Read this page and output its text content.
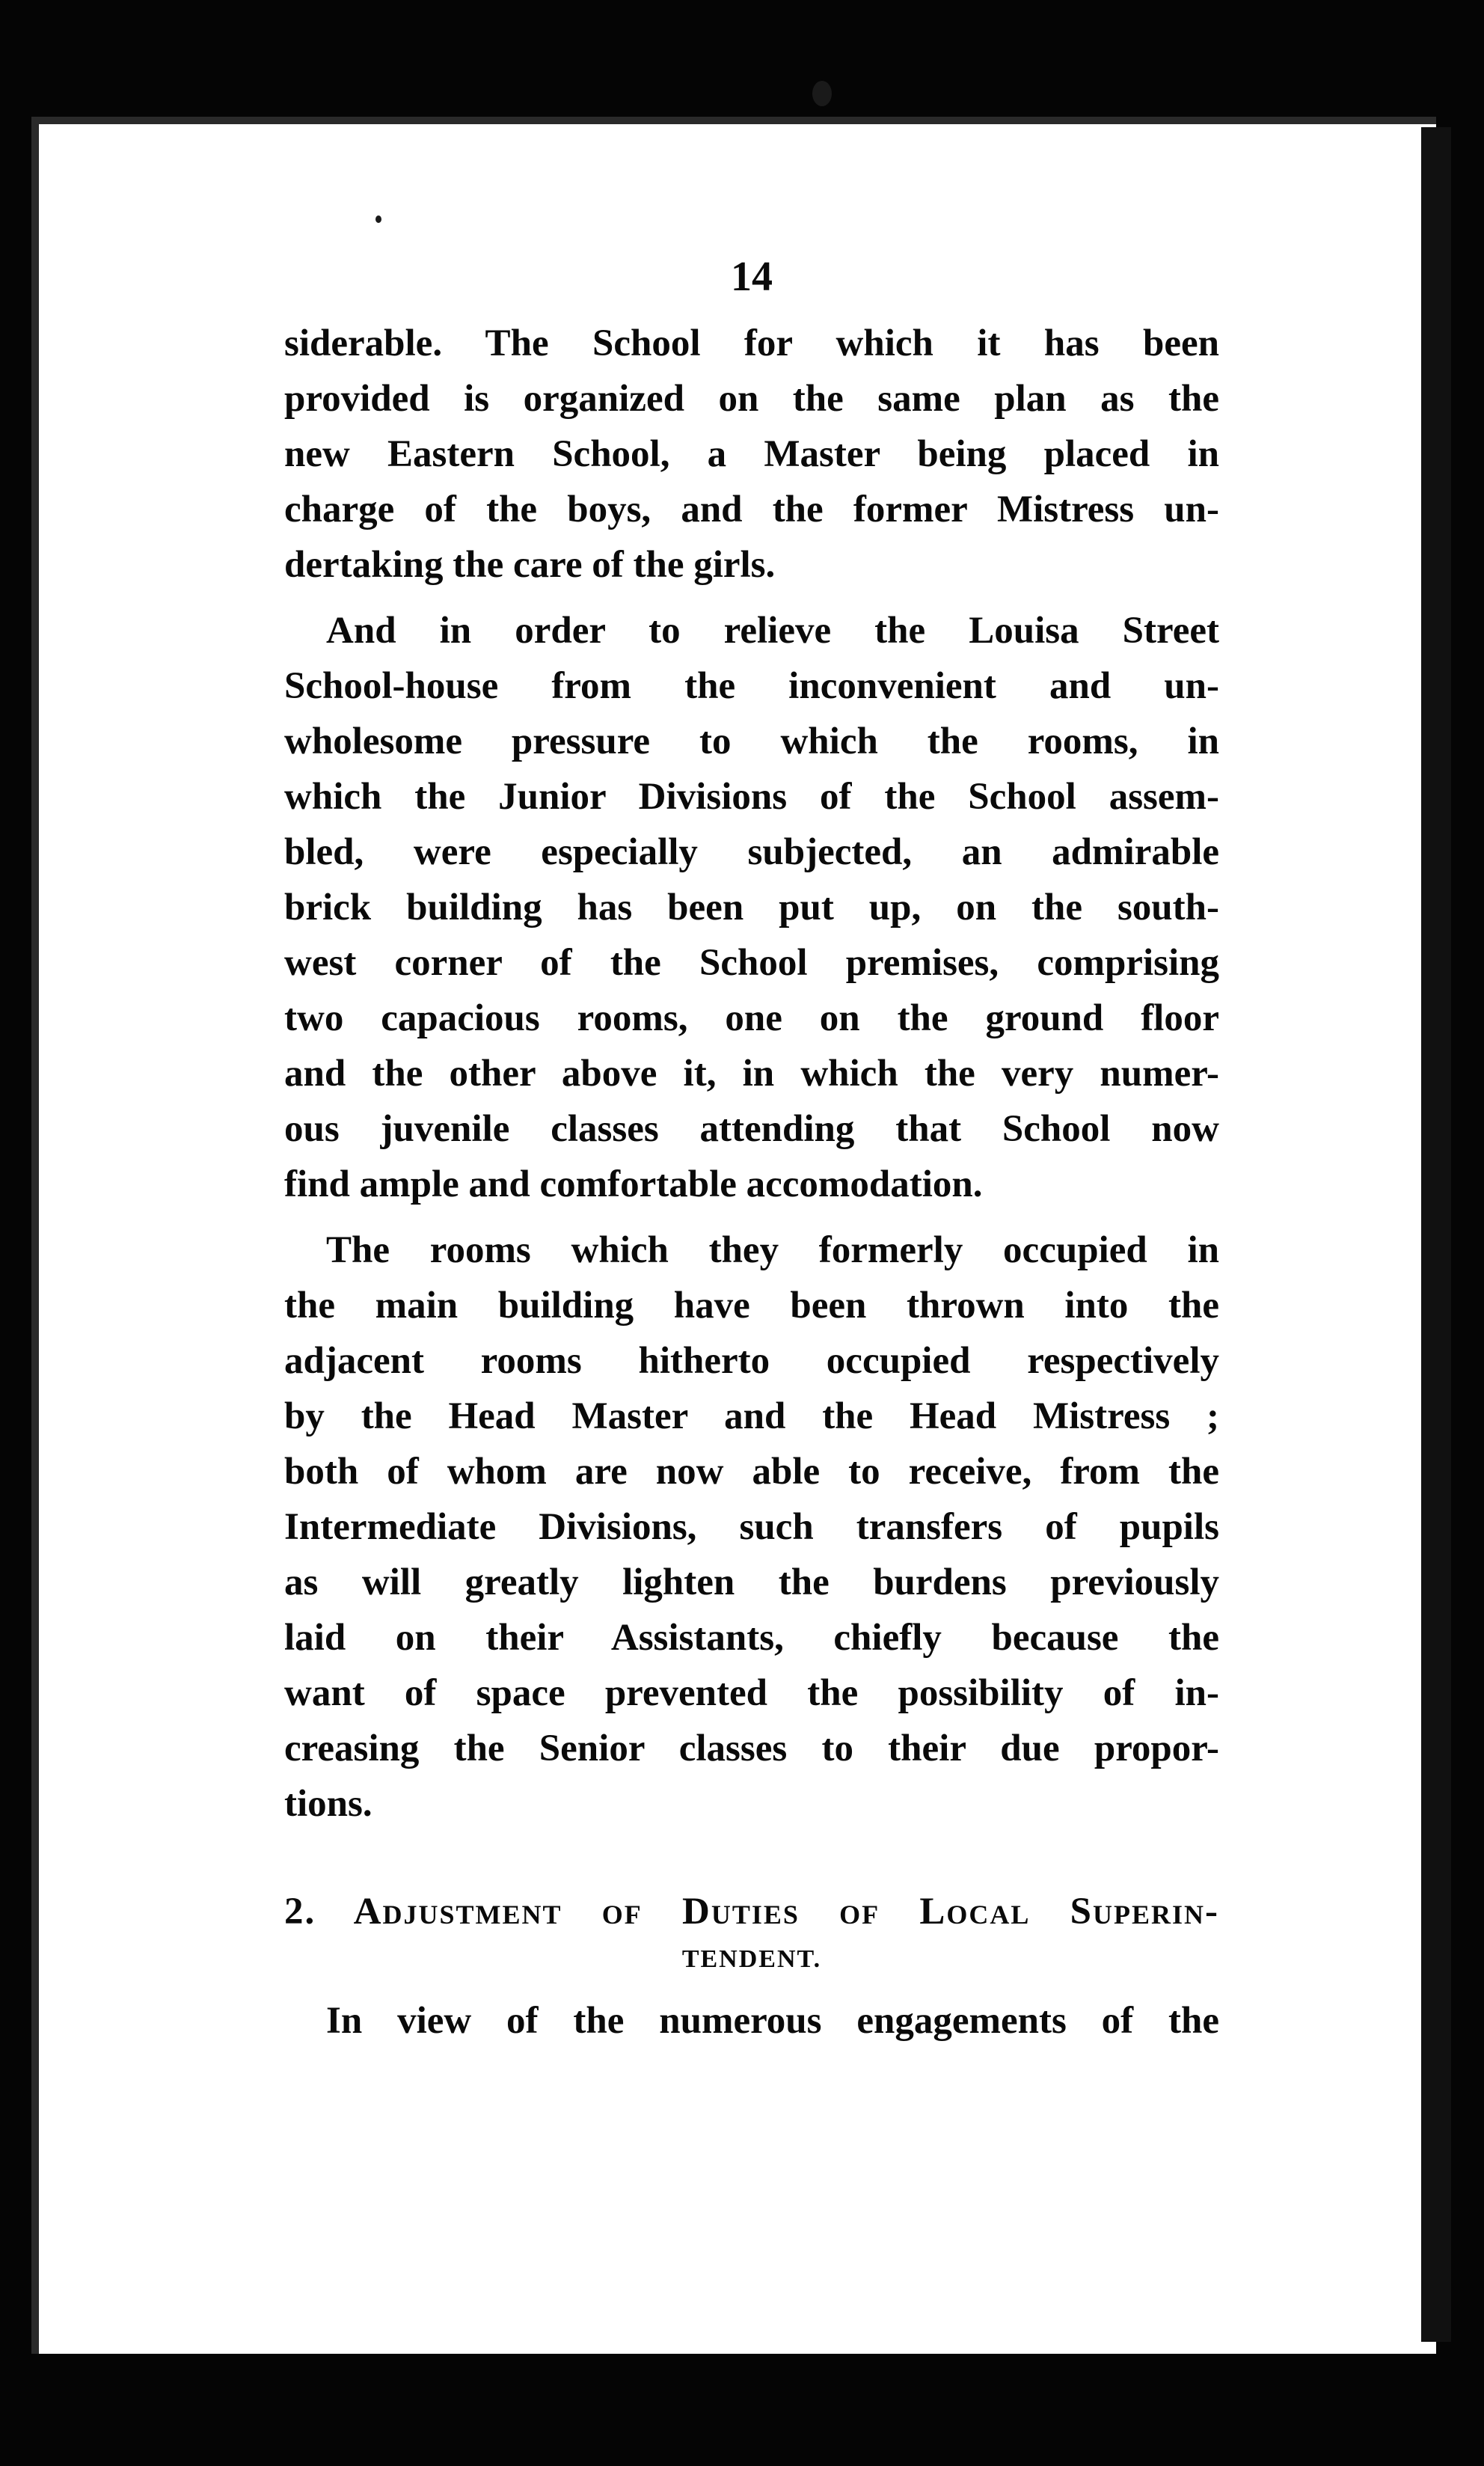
14
siderable. The School for which it has been
provided is organized on the same plan as the
new Eastern School, a Master being placed in
charge of the boys, and the former Mistress un-
dertaking the care of the girls.
And in order to relieve the Louisa Street
School-house from the inconvenient and un-
wholesome pressure to which the rooms, in
which the Junior Divisions of the School assem-
bled, were especially subjected, an admirable
brick building has been put up, on the south-
west corner of the School premises, comprising
two capacious rooms, one on the ground floor
and the other above it, in which the very numer-
ous juvenile classes attending that School now
find ample and comfortable accomodation.
The rooms which they formerly occupied in
the main building have been thrown into the
adjacent rooms hitherto occupied respectively
by the Head Master and the Head Mistress ;
both of whom are now able to receive, from the
Intermediate Divisions, such transfers of pupils
as will greatly lighten the burdens previously
laid on their Assistants, chiefly because the
want of space prevented the possibility of in-
creasing the Senior classes to their due propor-
tions.
2. Adjustment of Duties of Local Superin-
TENDENT.
In view of the numerous engagements of the
